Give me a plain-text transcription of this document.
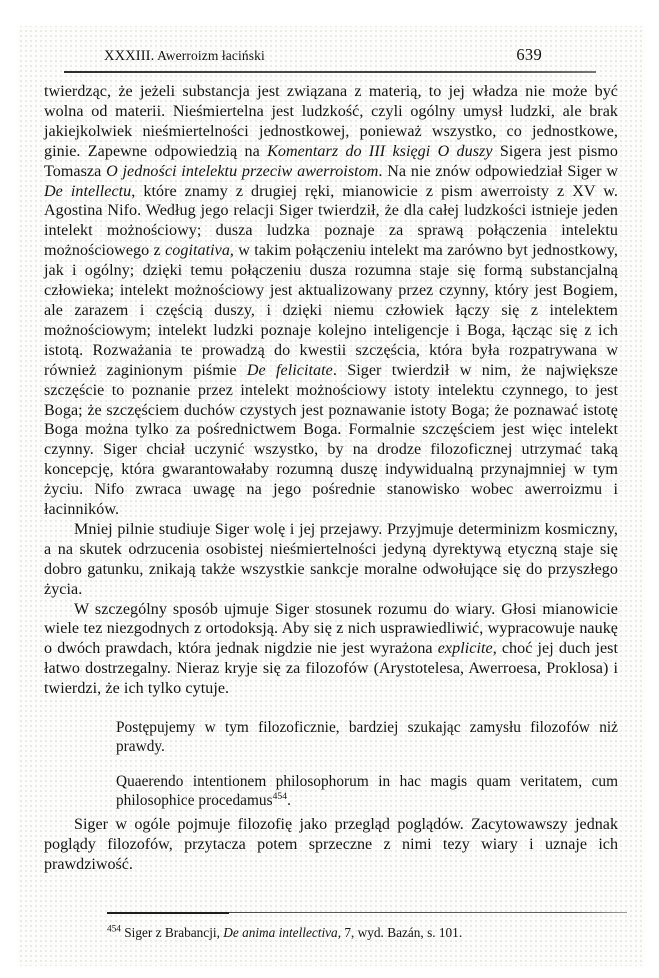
XXXIII. Awerroizm łaciński	639

twierdząc, że jeżeli substancja jest związana z materią, to jej władza nie może być wolna od materii. Nieśmiertelna jest ludzkość, czyli ogólny umysł ludzki, ale brak jakiejkolwiek nieśmiertelności jednostkowej, ponieważ wszystko, co jednostkowe, ginie. Zapewne odpowiedzią na Komentarz do III księgi O duszy Sigera jest pismo Tomasza O jedności intelektu przeciw awerroistom. Na nie znów odpowiedział Siger w De intellectu, które znamy z drugiej ręki, mianowicie z pism awerroisty z XV w. Agostina Nifo. Według jego relacji Siger twierdził, że dla całej ludzkości istnieje jeden intelekt możnościowy; dusza ludzka poznaje za sprawą połączenia intelektu możnościowego z cogitativa, w takim połączeniu intelekt ma zarówno byt jednostkowy, jak i ogólny; dzięki temu połączeniu dusza rozumna staje się formą substancjalną człowieka; intelekt możnościowy jest aktualizowany przez czynny, który jest Bogiem, ale zarazem i częścią duszy, i dzięki niemu człowiek łączy się z intelektem możnościowym; intelekt ludzki poznaje kolejno inteligencje i Boga, łącząc się z ich istotą. Rozważania te prowadzą do kwestii szczęścia, która była rozpatrywana w również zaginionym piśmie De felicitate. Siger twierdził w nim, że największe szczęście to poznanie przez intelekt możnościowy istoty intelektu czynnego, to jest Boga; że szczęściem duchów czystych jest poznawanie istoty Boga; że poznawać istotę Boga można tylko za pośrednictwem Boga. Formalnie szczęściem jest więc intelekt czynny. Siger chciał uczynić wszystko, by na drodze filozoficznej utrzymać taką koncepcję, która gwarantowałaby rozumną duszę indywidualną przynajmniej w tym życiu. Nifo zwraca uwagę na jego pośrednie stanowisko wobec awerroizmu i łacinników.

Mniej pilnie studiuje Siger wolę i jej przejawy. Przyjmuje determinizm kosmiczny, a na skutek odrzucenia osobistej nieśmiertelności jedyną dyrektywą etyczną staje się dobro gatunku, znikają także wszystkie sankcje moralne odwołujące się do przyszłego życia.

W szczególny sposób ujmuje Siger stosunek rozumu do wiary. Głosi mianowicie wiele tez niezgodnych z ortodoksją. Aby się z nich usprawiedliwić, wypracowuje naukę o dwóch prawdach, która jednak nigdzie nie jest wyrażona explicite, choć jej duch jest łatwo dostrzegalny. Nieraz kryje się za filozofów (Arystotelesa, Awerroesa, Proklosa) i twierdzi, że ich tylko cytuje.

Postępujemy w tym filozoficznie, bardziej szukając zamysłu filozofów niż prawdy.

Quaerendo intentionem philosophorum in hac magis quam veritatem, cum philosophice procedamus$^{454}$.

Siger w ogóle pojmuje filozofię jako przegląd poglądów. Zacytowawszy jednak poglądy filozofów, przytacza potem sprzeczne z nimi tezy wiary i uznaje ich prawdziwość.

$^{454}$ Siger z Brabancji, De anima intellectiva, 7, wyd. Bazán, s. 101.
